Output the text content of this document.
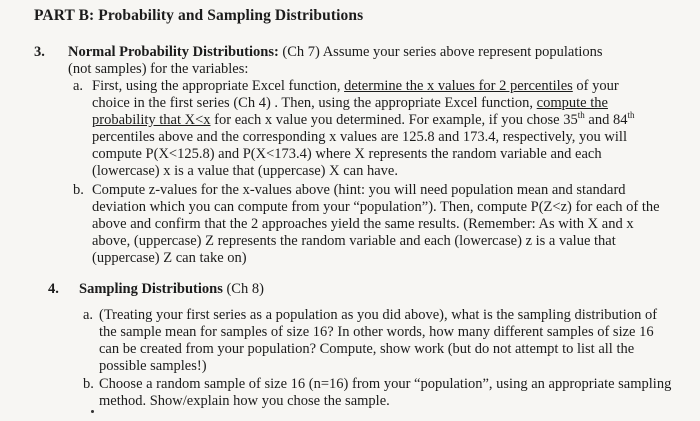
PART B: Probability and Sampling Distributions
3. Normal Probability Distributions: (Ch 7) Assume your series above represent populations
(not samples) for the variables:
a. First, using the appropriate Excel function, determine the x values for 2 percentiles of your
choice in the first series (Ch 4) . Then, using the appropriate Excel function, compute the
probability that X<x for each x value you determined. For example, if you chose 35th and 84th
percentiles above and the corresponding x values are 125.8 and 173.4, respectively, you will
compute P(X<125.8) and P(X<173.4) where X represents the random variable and each
(lowercase) x is a value that (uppercase) X can have.
b. Compute z-values for the x-values above (hint: you will need population mean and standard
deviation which you can compute from your “population”). Then, compute P(Z<z) for each of the
above and confirm that the 2 approaches yield the same results. (Remember: As with X and x
above, (uppercase) Z represents the random variable and each (lowercase) z is a value that
(uppercase) Z can take on)
4. Sampling Distributions (Ch 8)
a. (Treating your first series as a population as you did above), what is the sampling distribution of
the sample mean for samples of size 16? In other words, how many different samples of size 16
can be created from your population? Compute, show work (but do not attempt to list all the
possible samples!)
b. Choose a random sample of size 16 (n=16) from your “population”, using an appropriate sampling
method. Show/explain how you chose the sample.
